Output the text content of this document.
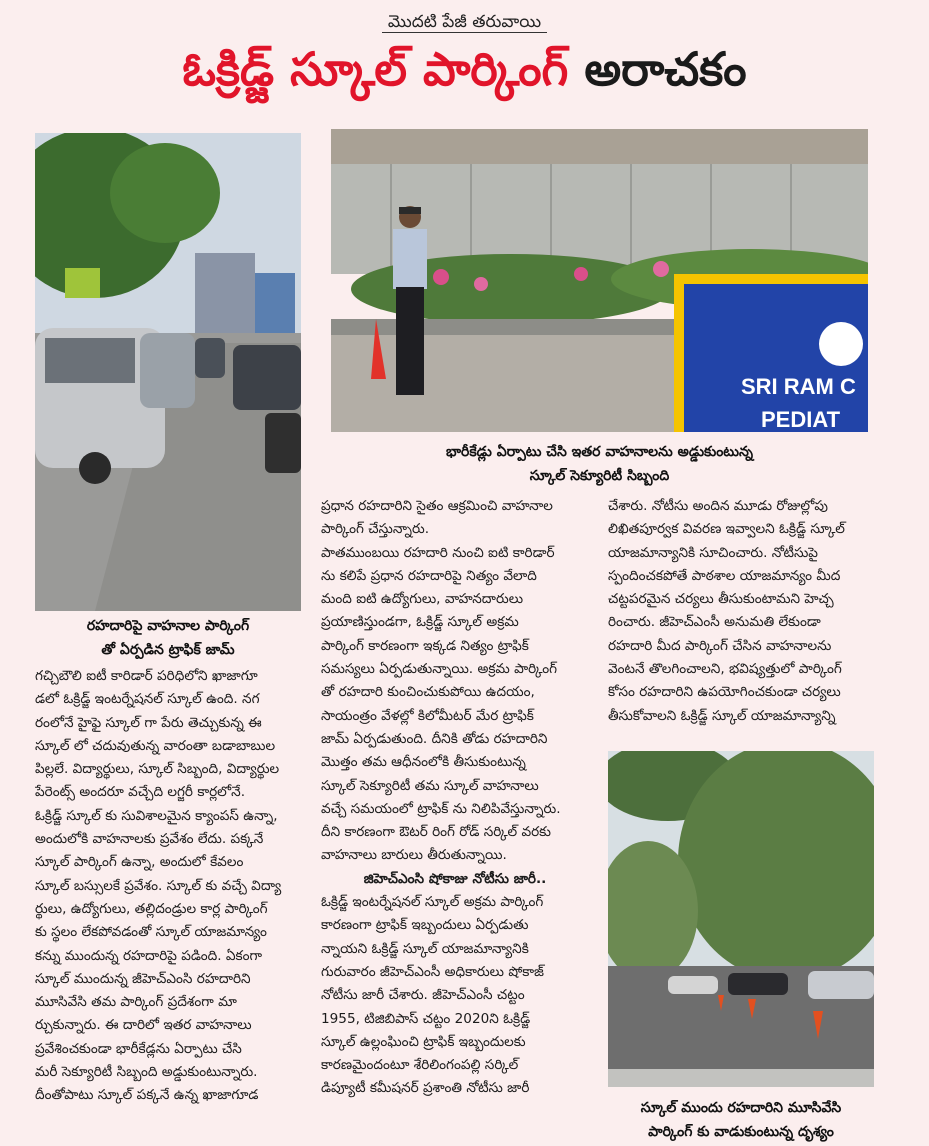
మొదటి పేజీ తరువాయి
ఓక్రిడ్జ్ స్కూల్ పార్కింగ్ అరాచకం
రహదారిపై వాహనాల పార్కింగ్
తో ఏర్పడిన ట్రాఫిక్ జామ్
SRI RAM C
PEDIAT
భారీకేడ్లు ఏర్పాటు చేసి ఇతర వాహనాలను అడ్డుకుంటున్న
స్కూల్ సెక్యూరిటీ సిబ్బంది
స్కూల్ ముందు రహదారిని మూసివేసి
పార్కింగ్ కు వాడుకుంటున్న దృశ్యం
గచ్చిబౌలి ఐటీ కారిడార్ పరిధిలోని ఖాజాగూ
డలో ఓక్రిడ్జ్ ఇంటర్నేషనల్ స్కూల్ ఉంది. నగ
రంలోనే హైఫై స్కూల్ గా పేరు తెచ్చుకున్న ఈ
స్కూల్ లో చదువుతున్న వారంతా బడాబాబుల
పిల్లలే. విద్యార్థులు, స్కూల్ సిబ్బంది, విద్యార్థుల
పేరెంట్స్ అందరూ వచ్చేది లగ్జరీ కార్లలోనే.
ఓక్రిడ్జ్ స్కూల్ కు సువిశాలమైన క్యాంపస్ ఉన్నా,
అందులోకి వాహనాలకు ప్రవేశం లేదు. పక్కనే
స్కూల్ పార్కింగ్ ఉన్నా, అందులో కేవలం
స్కూల్ బస్సులకే ప్రవేశం. స్కూల్ కు వచ్చే విద్యా
ర్థులు, ఉద్యోగులు, తల్లిదండ్రుల కార్ల పార్కింగ్
కు స్థలం లేకపోవడంతో స్కూల్ యాజమాన్యం
కన్ను ముందున్న రహదారిపై పడింది. ఏకంగా
స్కూల్ ముందున్న జీహెచ్ఎంసి రహదారిని
మూసివేసి తమ పార్కింగ్ ప్రదేశంగా మా
ర్చుకున్నారు. ఈ దారిలో ఇతర వాహనాలు
ప్రవేశించకుండా భారీకేడ్లను ఏర్పాటు చేసి
మరీ సెక్యూరిటీ సిబ్బంది అడ్డుకుంటున్నారు.
దీంతోపాటు స్కూల్ పక్కనే ఉన్న ఖాజాగూడ
ప్రధాన రహదారిని సైతం ఆక్రమించి వాహనాల
పార్కింగ్ చేస్తున్నారు.
పాతముంబయి రహదారి నుంచి ఐటి కారిడార్
ను కలిపే ప్రధాన రహదారిపై నిత్యం వేలాది
మంది ఐటి ఉద్యోగులు, వాహనదారులు
ప్రయాణిస్తుండగా, ఓక్రిడ్జ్ స్కూల్ అక్రమ
పార్కింగ్ కారణంగా ఇక్కడ నిత్యం ట్రాఫిక్
సమస్యలు ఏర్పడుతున్నాయి. అక్రమ పార్కింగ్
తో రహదారి కుంచించుకుపోయి ఉదయం,
సాయంత్రం వేళల్లో కిలోమీటర్ మేర ట్రాఫిక్
జామ్ ఏర్పడుతుంది. దీనికి తోడు రహదారిని
మొత్తం తమ ఆధీనంలోకి తీసుకుంటున్న
స్కూల్ సెక్యూరిటీ తమ స్కూల్ వాహనాలు
వచ్చే సమయంలో ట్రాఫిక్ ను నిలిపివేస్తున్నారు.
దీని కారణంగా ఔటర్ రింగ్ రోడ్ సర్కిల్ వరకు
వాహనాలు బారులు తీరుతున్నాయి.
జిహెచ్ఎంసి షోకాజు నోటీసు జారీ..
ఓక్రిడ్జ్ ఇంటర్నేషనల్ స్కూల్ అక్రమ పార్కింగ్
కారణంగా ట్రాఫిక్ ఇబ్బందులు ఏర్పడుతు
న్నాయని ఓక్రిడ్జ్ స్కూల్ యాజమాన్యానికి
గురువారం జీహెచ్ఎంసీ అధికారులు షోకాజ్
నోటీసు జారీ చేశారు. జీహెచ్ఎంసీ చట్టం
1955, టిజిబిపాస్ చట్టం 2020ని ఓక్రిడ్జ్
స్కూల్ ఉల్లంఘించి ట్రాఫిక్ ఇబ్బందులకు
కారణమైందంటూ శేరిలింగంపల్లి సర్కిల్
డిప్యూటీ కమీషనర్ ప్రశాంతి నోటీసు జారీ
చేశారు. నోటీసు అందిన మూడు రోజుల్లోపు
లిఖితపూర్వక వివరణ ఇవ్వాలని ఓక్రిడ్జ్ స్కూల్
యాజమాన్యానికి సూచించారు. నోటీసుపై
స్పందించకపోతే పాఠశాల యాజమాన్యం మీద
చట్టపరమైన చర్యలు తీసుకుంటామని హెచ్చ
రించారు. జీహెచ్ఎంసీ అనుమతి లేకుండా
రహదారి మీద పార్కింగ్ చేసిన వాహనాలను
వెంటనే తొలగించాలని, భవిష్యత్తులో పార్కింగ్
కోసం రహదారిని ఉపయోగించకుండా చర్యలు
తీసుకోవాలని ఓక్రిడ్జ్ స్కూల్ యాజమాన్యాన్ని
